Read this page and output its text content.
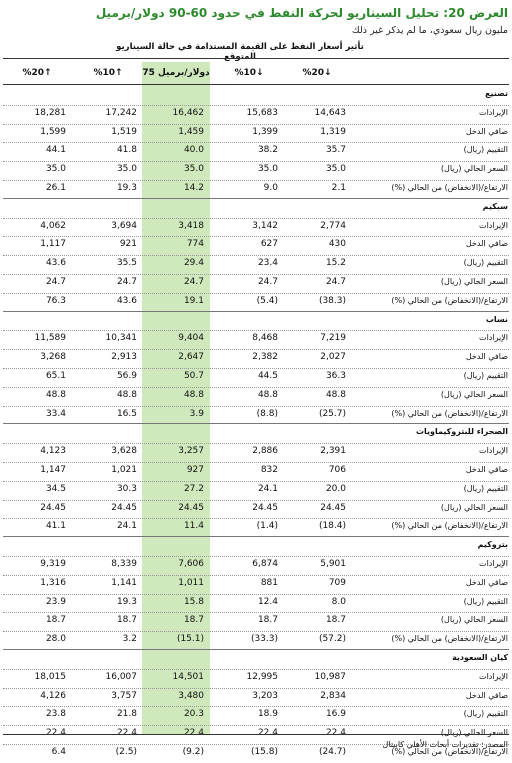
العرض 20: تحليل السيناريو لحركة النفط في حدود 60-90 دولار/برميل
مليون ريال سعودي، ما لم يذكر غير ذلك
تأثير أسعار النفط على القيمة المستدامة في حالة السيناريو المتوقع
%20↑	%10↑	75 دولار/برميل	%10↓	%20↓
تصنيع
الإيرادات
18,281	17,242	16,462	15,683	14,643
صافي الدخل
1,599	1,519	1,459	1,399	1,319
التقييم (ريال)
44.1	41.8	40.0	38.2	35.7
السعر الحالي (ريال)
35.0	35.0	35.0	35.0	35.0
الارتفاع/(الانخفاض) من الحالي (%)
26.1	19.3	14.2	9.0	2.1
سبكيم
الإيرادات
4,062	3,694	3,418	3,142	2,774
صافي الدخل
1,117	921	774	627	430
التقييم (ريال)
43.6	35.5	29.4	23.4	15.2
السعر الحالي (ريال)
24.7	24.7	24.7	24.7	24.7
الارتفاع/(الانخفاض) من الحالي (%)
76.3	43.6	19.1	(5.4)	(38.3)
نساب
الإيرادات
11,589	10,341	9,404	8,468	7,219
صافي الدخل
3,268	2,913	2,647	2,382	2,027
التقييم (ريال)
65.1	56.9	50.7	44.5	36.3
السعر الحالي (ريال)
48.8	48.8	48.8	48.8	48.8
الارتفاع/(الانخفاض) من الحالي (%)
33.4	16.5	3.9	(8.8)	(25.7)
الصحراء للبتروكيماويات
الإيرادات
4,123	3,628	3,257	2,886	2,391
صافي الدخل
1,147	1,021	927	832	706
التقييم (ريال)
34.5	30.3	27.2	24.1	20.0
السعر الحالي (ريال)
24.45	24.45	24.45	24.45	24.45
الارتفاع/(الانخفاض) من الحالي (%)
41.1	24.1	11.4	(1.4)	(18.4)
بتروكيم
الإيرادات
9,319	8,339	7,606	6,874	5,901
صافي الدخل
1,316	1,141	1,011	881	709
التقييم (ريال)
23.9	19.3	15.8	12.4	8.0
السعر الحالي (ريال)
18.7	18.7	18.7	18.7	18.7
الارتفاع/(الانخفاض) من الحالي (%)
28.0	3.2	(15.1)	(33.3)	(57.2)
كيان السعودية
الإيرادات
18,015	16,007	14,501	12,995	10,987
صافي الدخل
4,126	3,757	3,480	3,203	2,834
التقييم (ريال)
23.8	21.8	20.3	18.9	16.9
السعر الحالي (ريال)
22.4	22.4	22.4	22.4	22.4
الارتفاع/(الانخفاض) من الحالي (%)
6.4	(2.5)	(9.2)	(15.8)	(24.7)
المصدر: تقديرات أبحاث الأهلي كابيتال
